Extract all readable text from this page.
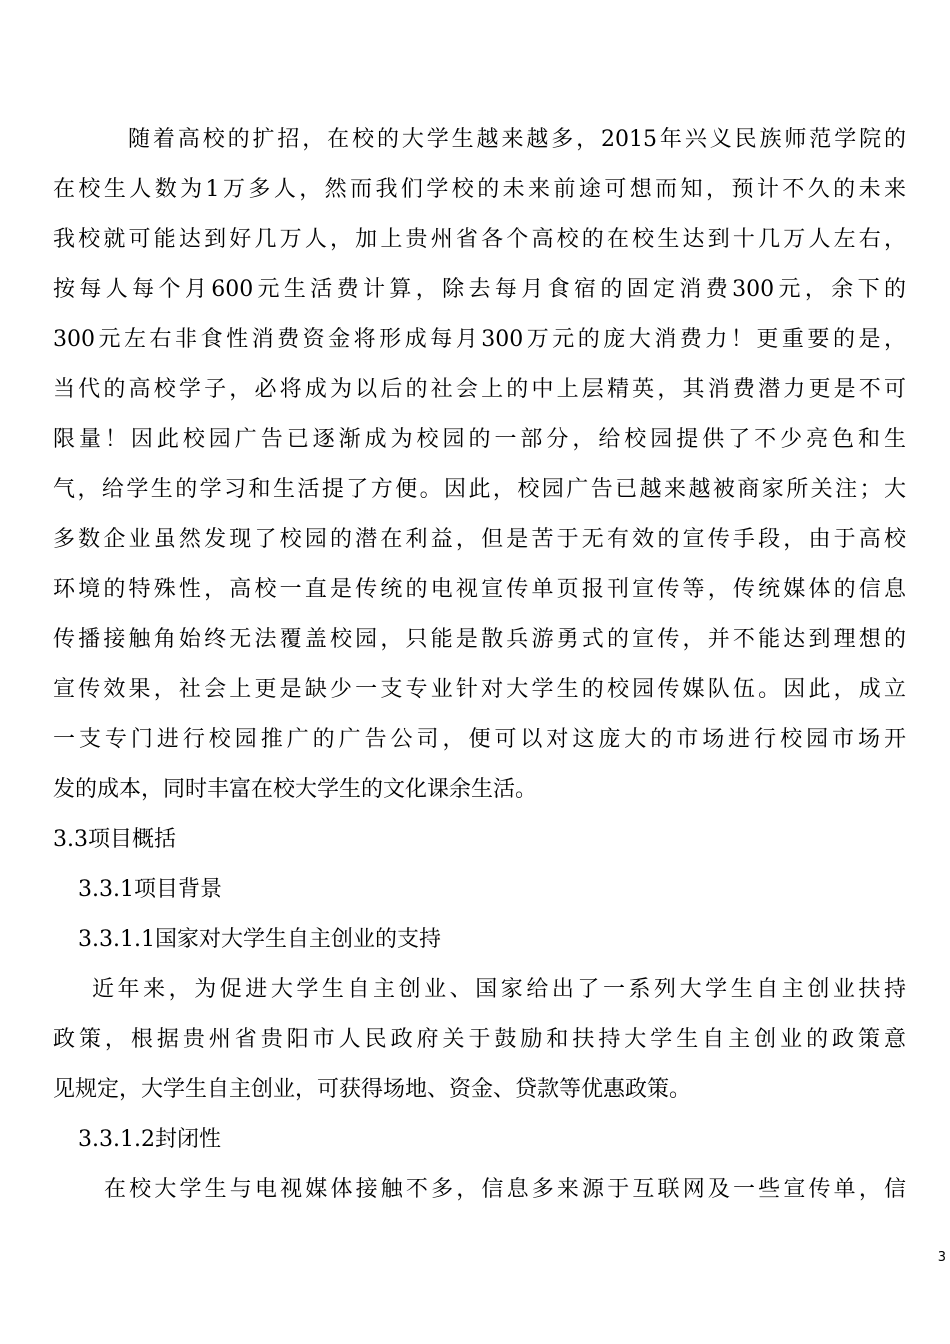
随着高校的扩招，在校的大学生越来越多，2015年兴义民族师范学院的
在校生人数为1万多人，然而我们学校的未来前途可想而知，预计不久的未来
我校就可能达到好几万人，加上贵州省各个高校的在校生达到十几万人左右，
按每人每个月600元生活费计算，除去每月食宿的固定消费300元，余下的
300元左右非食性消费资金将形成每月300万元的庞大消费力！更重要的是，
当代的高校学子，必将成为以后的社会上的中上层精英，其消费潜力更是不可
限量！因此校园广告已逐渐成为校园的一部分，给校园提供了不少亮色和生
气，给学生的学习和生活提了方便。因此，校园广告已越来越被商家所关注；大
多数企业虽然发现了校园的潜在利益，但是苦于无有效的宣传手段，由于高校
环境的特殊性，高校一直是传统的电视宣传单页报刊宣传等，传统媒体的信息
传播接触角始终无法覆盖校园，只能是散兵游勇式的宣传，并不能达到理想的
宣传效果，社会上更是缺少一支专业针对大学生的校园传媒队伍。因此，成立
一支专门进行校园推广的广告公司，便可以对这庞大的市场进行校园市场开
发的成本，同时丰富在校大学生的文化课余生活。
3.3项目概括
3.3.1项目背景
3.3.1.1国家对大学生自主创业的支持
近年来，为促进大学生自主创业、国家给出了一系列大学生自主创业扶持
政策，根据贵州省贵阳市人民政府关于鼓励和扶持大学生自主创业的政策意
见规定，大学生自主创业，可获得场地、资金、贷款等优惠政策。
3.3.1.2封闭性
在校大学生与电视媒体接触不多，信息多来源于互联网及一些宣传单，信
3
